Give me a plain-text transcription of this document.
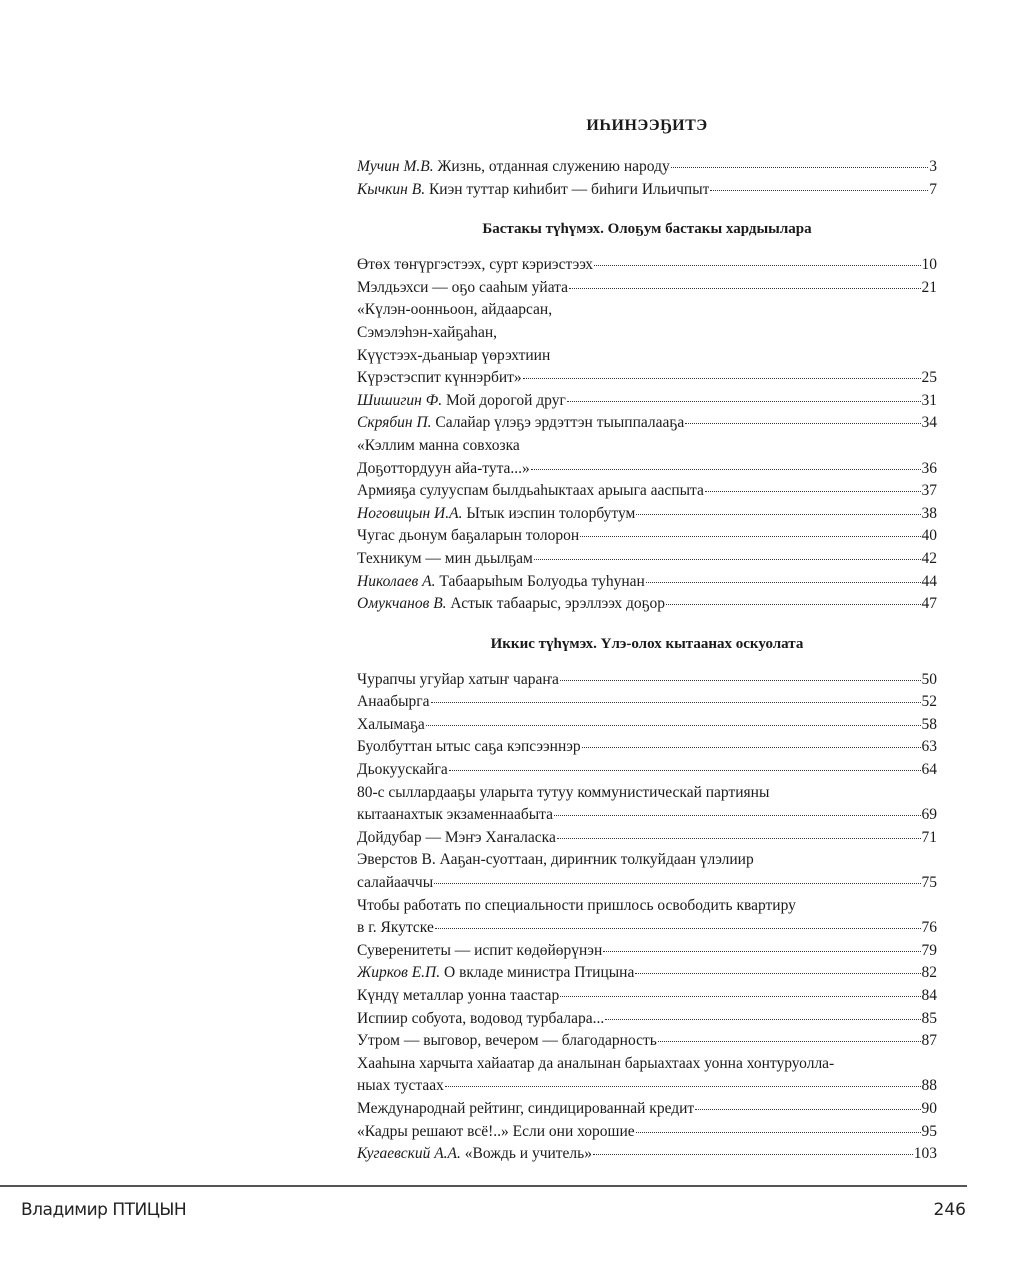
ИҺИНЭЭҔИТЭ
Мучин М.В. Жизнь, отданная служению народу	3
Кычкин В. Киэн туттар киһибит — биһиги Ильичпыт	7
Бастакы түһүмэх. Олоҕум бастакы хардыылара
Өтөх төҥүргэстээх, сурт кэриэстээх	10
Мэлдьэхси — оҕо сааһым уйата	21
«Күлэн-оонньоон, айдаарсан,
Сэмэлэһэн-хайҕаһан,
Күүстээх-дьаныар үөрэхтиин
Күрэстэспит күннэрбит»	25
Шишигин Ф. Мой дорогой друг	31
Скрябин П. Салайар үлэҕэ эрдэттэн тыыппалааҕа	34
«Кэллим манна совхозка
Доҕоттордуун айа-тута...»	36
Армияҕа сулууспам былдьаһыктаах арыыга ааспыта	37
Ноговицын И.А. Ытык иэспин толорбутум	38
Чугас дьонум баҕаларын толорон	40
Техникум — мин дьылҕам	42
Николаев А. Табаарыһым Болуодьа туһунан	44
Омукчанов В. Астык табаарыс, эрэллээх доҕор	47
Иккис түһүмэх. Үлэ-олох кытаанах оскуолата
Чурапчы угуйар хатыҥ чараҥа	50
Анаабырга	52
Халымаҕа	58
Буолбуттан ытыс саҕа кэпсээннэр	63
Дьокуускайга	64
80-с сыллардааҕы уларыта тутуу коммунистическай партияны
кытаанахтык экзаменнаабыта	69
Дойдубар — Мэҥэ Хаҥаласка	71
Эверстов В. Ааҕан-суоттаан, дириҥник толкуйдаан үлэлиир
салайааччы	75
Чтобы работать по специальности пришлось освободить квартиру
в г. Якутске	76
Суверенитеты — испит көдөйөрүнэн	79
Жирков Е.П. О вкладе министра Птицына	82
Күндү металлар уонна таастар	84
Испиир собуота, водовод турбалара...	85
Утром — выговор, вечером — благодарность	87
Хааһына харчыта хайаатар да аналынан барыахтаах уонна хонтуруолла-
ныах тустаах	88
Международнай рейтинг, синдицированнай кредит	90
«Кадры решают всё!..» Если они хорошие	95
Кугаевский А.А. «Вождь и учитель»	103
Владимир ПТИЦЫН	246
